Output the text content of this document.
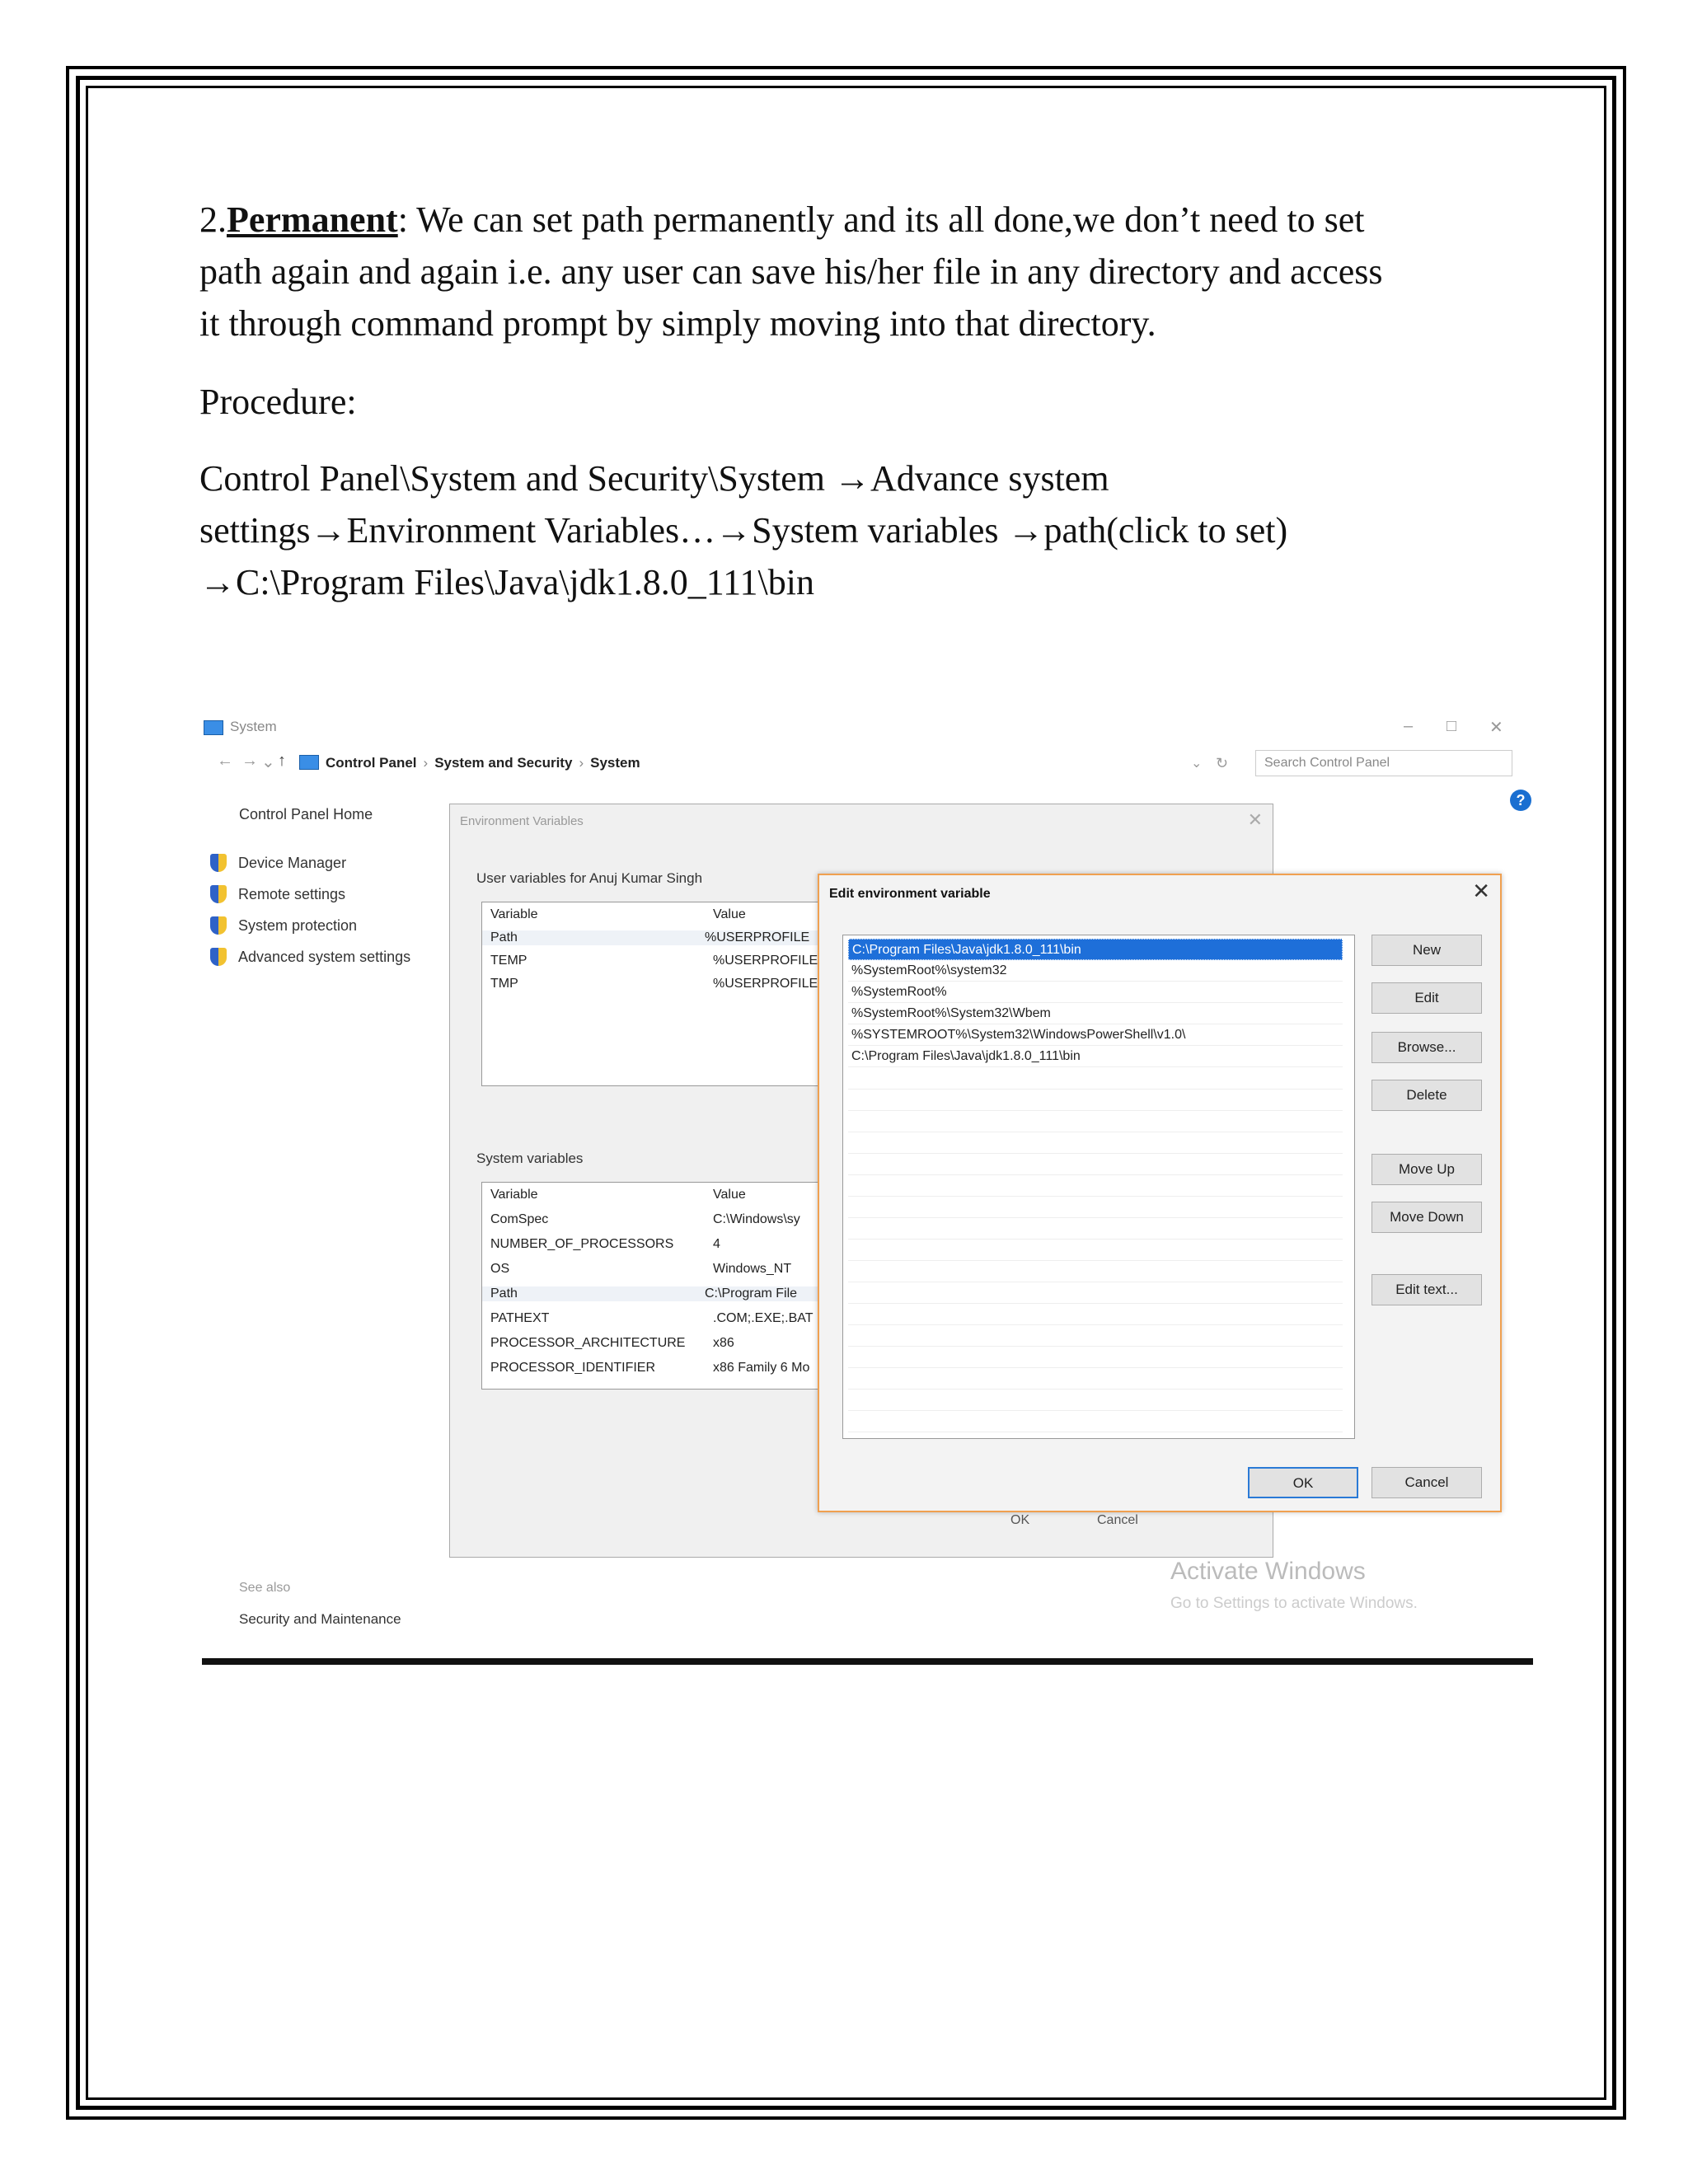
2.Permanent: We can set path permanently and its all done,we don’t need to set

path again and again i.e. any user can save his/her file in any directory and access

it through command prompt by simply moving into that directory.

Procedure:

Control Panel\System and Security\System →Advance system

settings→Environment Variables…→System variables →path(click to set)

→C:\Program Files\Java\jdk1.8.0_111\bin

System	– □ ✕
← → ⌄ ↑	Control Panel › System and Security › System	⌄ ↻	Search Control Panel
?
Control Panel Home
Device Manager
Remote settings
System protection
Advanced system settings
See also
Security and Maintenance
Environment Variables	✕
User variables for Anuj Kumar Singh
Variable	Value
Path	%USERPROFILE
TEMP	%USERPROFILE
TMP	%USERPROFILE
System variables
Variable	Value
ComSpec	C:\Windows\sy
NUMBER_OF_PROCESSORS	4
OS	Windows_NT
Path	C:\Program File
PATHEXT	.COM;.EXE;.BAT
PROCESSOR_ARCHITECTURE x86
PROCESSOR_IDENTIFIER	x86 Family 6 Mo
OK	Cancel
Edit environment variable	✕
C:\Program Files\Java\jdk1.8.0_111\bin
%SystemRoot%\system32
%SystemRoot%
%SystemRoot%\System32\Wbem
%SYSTEMROOT%\System32\WindowsPowerShell\v1.0\
C:\Program Files\Java\jdk1.8.0_111\bin
New
Edit
Browse...
Delete
Move Up
Move Down
Edit text...
OK	Cancel
Activate Windows
Go to Settings to activate Windows.
